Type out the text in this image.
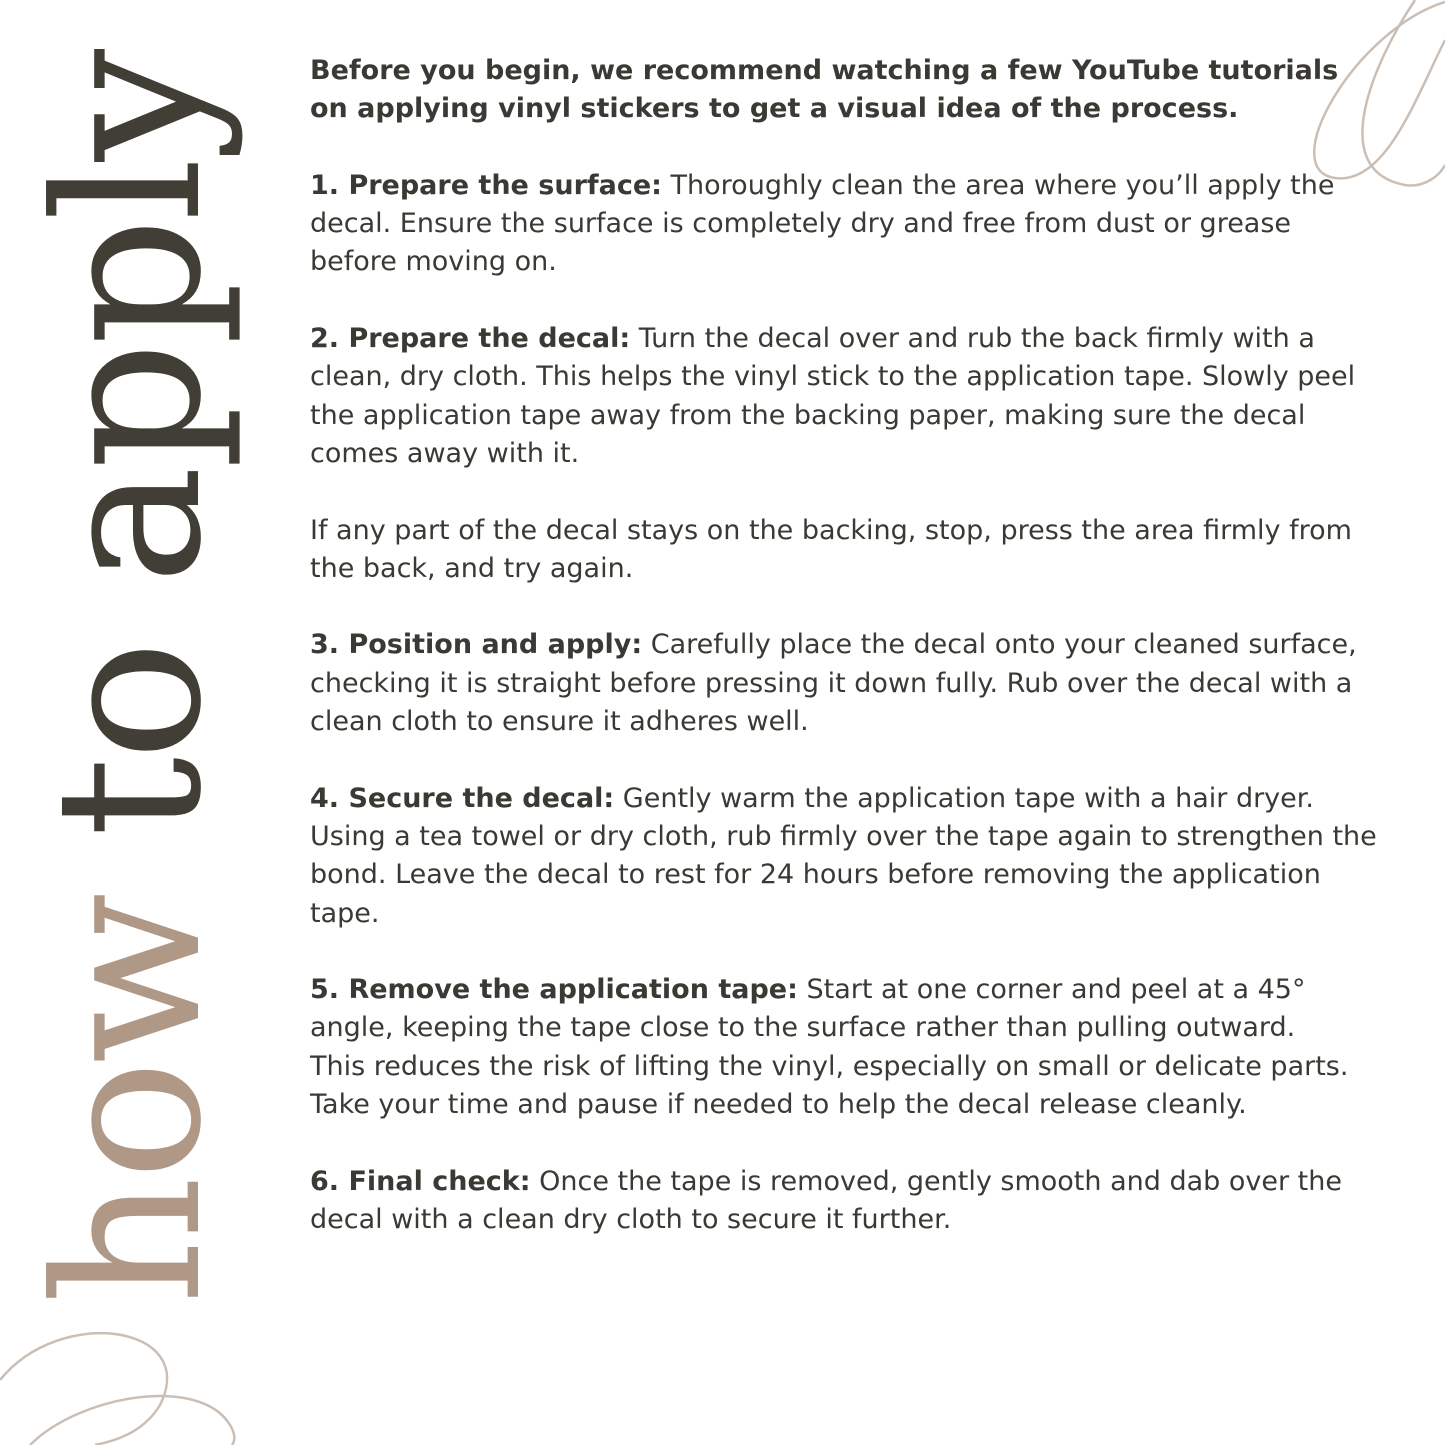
how to apply Before you begin, we recommend watching a few YouTube tutorials on applying vinyl stickers to get a visual idea of the process.

1. Prepare the surface: Thoroughly clean the area where you’ll apply the decal. Ensure the surface is completely dry and free from dust or grease before moving on.

2. Prepare the decal: Turn the decal over and rub the back firmly with a clean, dry cloth. This helps the vinyl stick to the application tape. Slowly peel the application tape away from the backing paper, making sure the decal comes away with it.

If any part of the decal stays on the backing, stop, press the area firmly from the back, and try again.

3. Position and apply: Carefully place the decal onto your cleaned surface, checking it is straight before pressing it down fully. Rub over the decal with a clean cloth to ensure it adheres well.

4. Secure the decal: Gently warm the application tape with a hair dryer. Using a tea towel or dry cloth, rub firmly over the tape again to strengthen the bond. Leave the decal to rest for 24 hours before removing the application tape.

5. Remove the application tape: Start at one corner and peel at a 45° angle, keeping the tape close to the surface rather than pulling outward.

This reduces the risk of lifting the vinyl, especially on small or delicate parts.

Take your time and pause if needed to help the decal release cleanly.

6. Final check: Once the tape is removed, gently smooth and dab over the decal with a clean dry cloth to secure it further.
